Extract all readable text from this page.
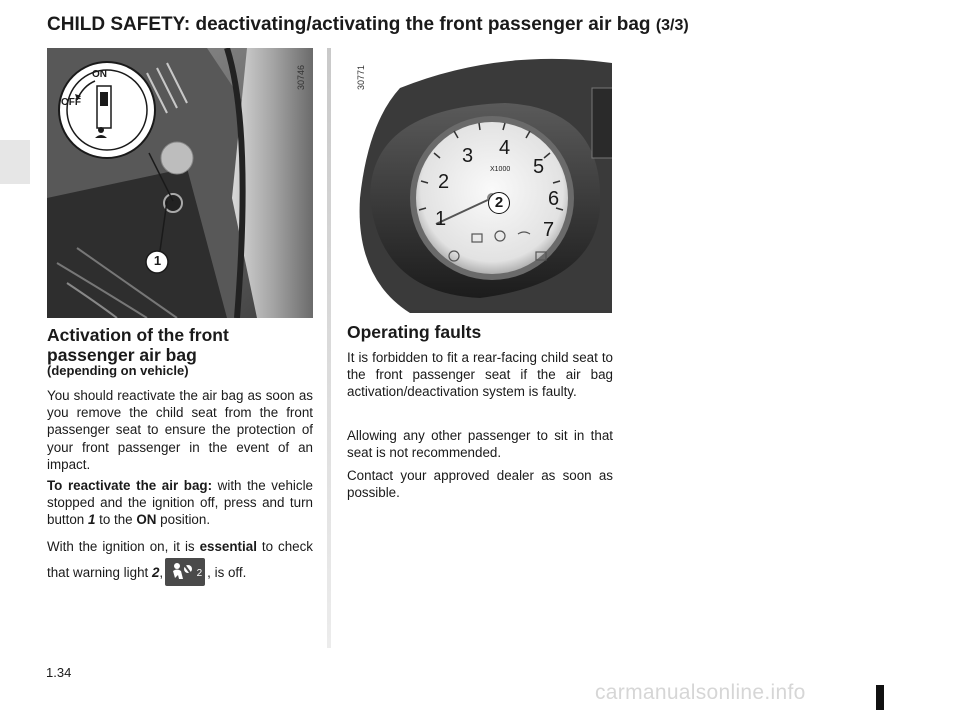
CHILD SAFETY: deactivating/activating the front passenger air bag (3/3)
ON
OFF
1
30746
1
2
3 4
5
6
7
X1000
2
30771
Activation of the front passenger air bag
(depending on vehicle)

You should reactivate the air bag as soon as you remove the child seat from the front passenger seat to ensure the protection of your front passenger in the event of an impact.

To reactivate the air bag: with the vehicle stopped and the ignition off, press and turn button 1 to the ON position.

With the ignition on, it is essential to check that warning light 2,	2 , is off.

Operating faults

It is forbidden to fit a rear-facing child seat to the front passenger seat if the air bag activation/deactivation system is faulty.

Allowing any other passenger to sit in that seat is not recommended.

Contact your approved dealer as soon as possible.

1.34
carmanualsonline.info
